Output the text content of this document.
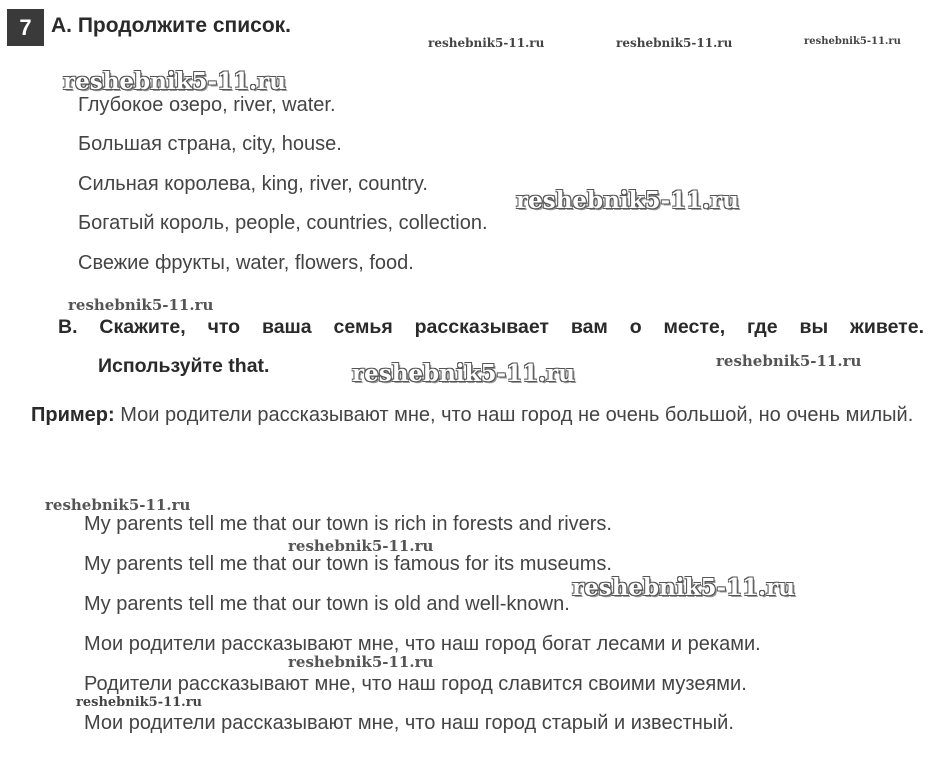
7 A. Продолжите список.
Глубокое озеро, river, water.
Большая страна, city, house.
Сильная королева, king, river, country.
Богатый король, people, countries, collection.
Свежие фрукты, water, flowers, food.
B. Скажите, что ваша семья рассказывает вам о месте, где вы живете.
Используйте that.
Пример: Мои родители рассказывают мне, что наш город не очень большой, но очень милый.
My parents tell me that our town is rich in forests and rivers.
My parents tell me that our town is famous for its museums.
My parents tell me that our town is old and well-known.
Мои родители рассказывают мне, что наш город богат лесами и реками.
Родители рассказывают мне, что наш город славится своими музеями.
Мои родители рассказывают мне, что наш город старый и известный.
reshebnik5-11.ru	reshebnik5-11.ru	reshebnik5-11.ru
reshebnik5-11.ru
reshebnik5-11.ru
reshebnik5-11.ru
reshebnik5-11.ru
reshebnik5-11.ru
reshebnik5-11.ru
reshebnik5-11.ru
reshebnik5-11.ru
reshebnik5-11.ru
reshebnik5-11.ru
